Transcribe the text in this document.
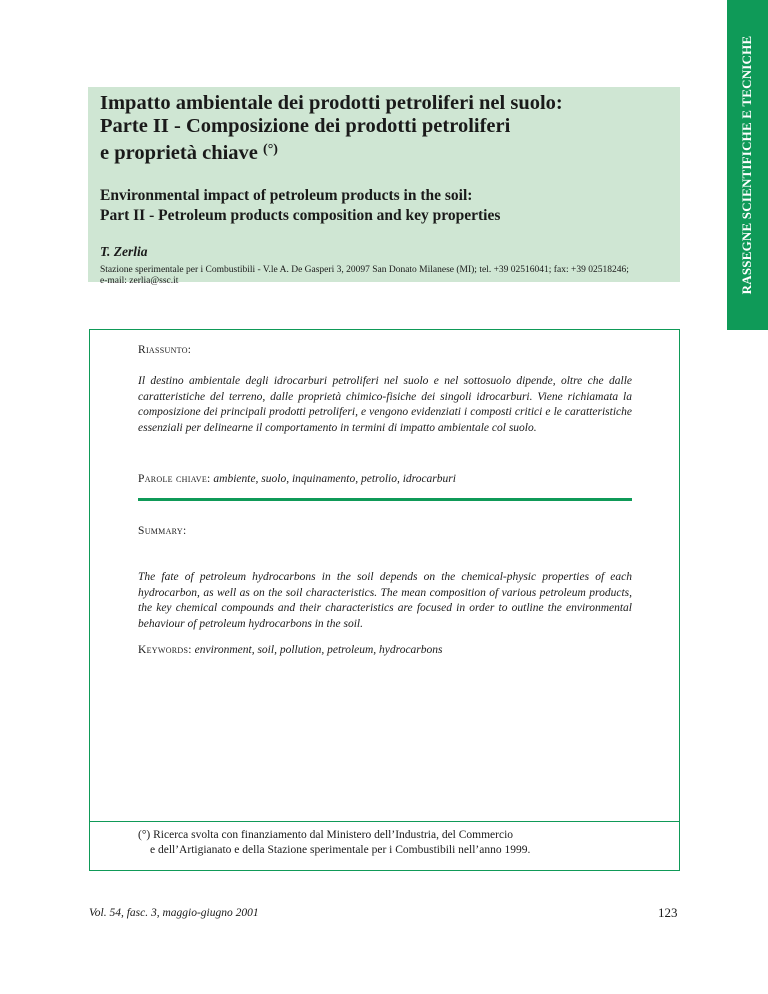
RASSEGNE SCIENTIFICHE E TECNICHE
Impatto ambientale dei prodotti petroliferi nel suolo:
Parte II - Composizione dei prodotti petroliferi
e proprietà chiave (°)
Environmental impact of petroleum products in the soil:
Part II - Petroleum products composition and key properties

T. Zerlia

Stazione sperimentale per i Combustibili - V.le A. De Gasperi 3, 20097 San Donato Milanese (MI); tel. +39 02516041; fax: +39 02518246;
e-mail: zerlia@ssc.it

Riassunto:
Il destino ambientale degli idrocarburi petroliferi nel suolo e nel sottosuolo dipende, oltre che dalle caratteristiche del terreno, dalle proprietà chimico-fisiche dei singoli idrocarburi. Viene richiamata la composizione dei principali prodotti petroliferi, e vengono evidenziati i composti critici e le caratteristiche essenziali per delinearne il comportamento in termini di impatto ambientale col suolo.
Parole chiave: ambiente, suolo, inquinamento, petrolio, idrocarburi
Summary:
The fate of petroleum hydrocarbons in the soil depends on the chemical-physic properties of each hydrocarbon, as well as on the soil characteristics. The mean composition of various petroleum products, the key chemical compounds and their characteristics are focused in order to outline the environmental behaviour of petroleum hydrocarbons in the soil.
Keywords: environment, soil, pollution, petroleum, hydrocarbons
(°) Ricerca svolta con finanziamento dal Ministero dell’Industria, del Commercio
e dell’Artigianato e della Stazione sperimentale per i Combustibili nell’anno 1999.
Vol. 54, fasc. 3, maggio-giugno 2001	123
